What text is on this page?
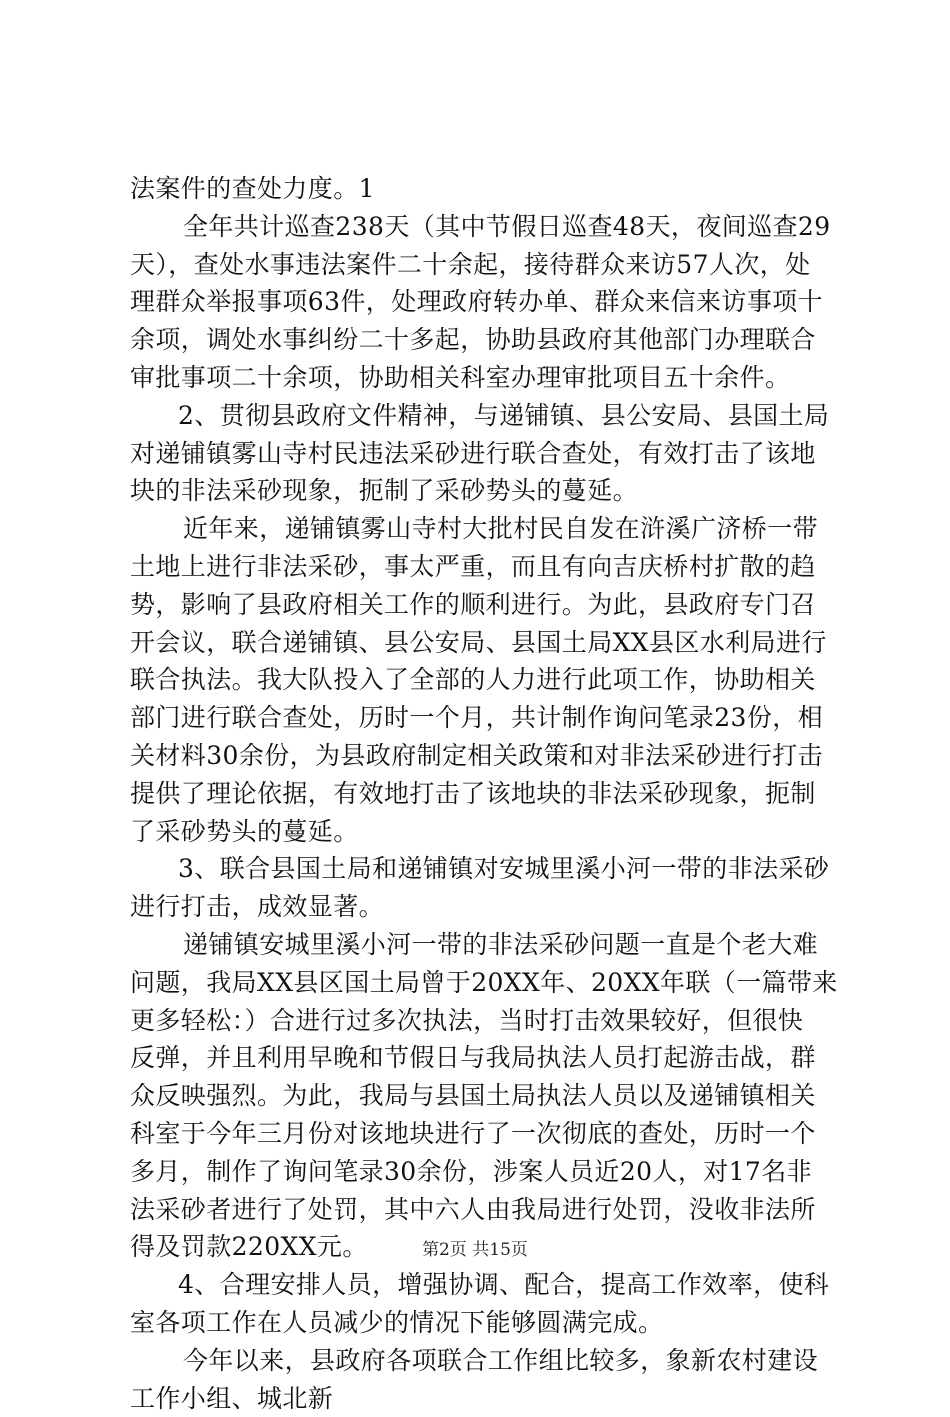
法案件的查处力度。1
全年共计巡查238天（其中节假日巡查48天，夜间巡查29
天），查处水事违法案件二十余起，接待群众来访57人次，处
理群众举报事项63件，处理政府转办单、群众来信来访事项十
余项，调处水事纠纷二十多起，协助县政府其他部门办理联合
审批事项二十余项，协助相关科室办理审批项目五十余件。
2、贯彻县政府文件精神，与递铺镇、县公安局、县国土局
对递铺镇雾山寺村民违法采砂进行联合查处，有效打击了该地
块的非法采砂现象，扼制了采砂势头的蔓延。
近年来，递铺镇雾山寺村大批村民自发在浒溪广济桥一带
土地上进行非法采砂，事太严重，而且有向吉庆桥村扩散的趋
势，影响了县政府相关工作的顺利进行。为此，县政府专门召
开会议，联合递铺镇、县公安局、县国土局XX县区水利局进行
联合执法。我大队投入了全部的人力进行此项工作，协助相关
部门进行联合查处，历时一个月，共计制作询问笔录23份，相
关材料30余份，为县政府制定相关政策和对非法采砂进行打击
提供了理论依据，有效地打击了该地块的非法采砂现象，扼制
了采砂势头的蔓延。
3、联合县国土局和递铺镇对安城里溪小河一带的非法采砂
进行打击，成效显著。
递铺镇安城里溪小河一带的非法采砂问题一直是个老大难
问题，我局XX县区国土局曾于20XX年、20XX年联（一篇带来
更多轻松：）合进行过多次执法，当时打击效果较好，但很快
反弹，并且利用早晚和节假日与我局执法人员打起游击战，群
众反映强烈。为此，我局与县国土局执法人员以及递铺镇相关
科室于今年三月份对该地块进行了一次彻底的查处，历时一个
多月，制作了询问笔录30余份，涉案人员近20人，对17名非
法采砂者进行了处罚，其中六人由我局进行处罚，没收非法所
得及罚款220XX元。
4、合理安排人员，增强协调、配合，提高工作效率，使科
室各项工作在人员减少的情况下能够圆满完成。
今年以来，县政府各项联合工作组比较多，象新农村建设
工作小组、城北新
第2页 共15页
